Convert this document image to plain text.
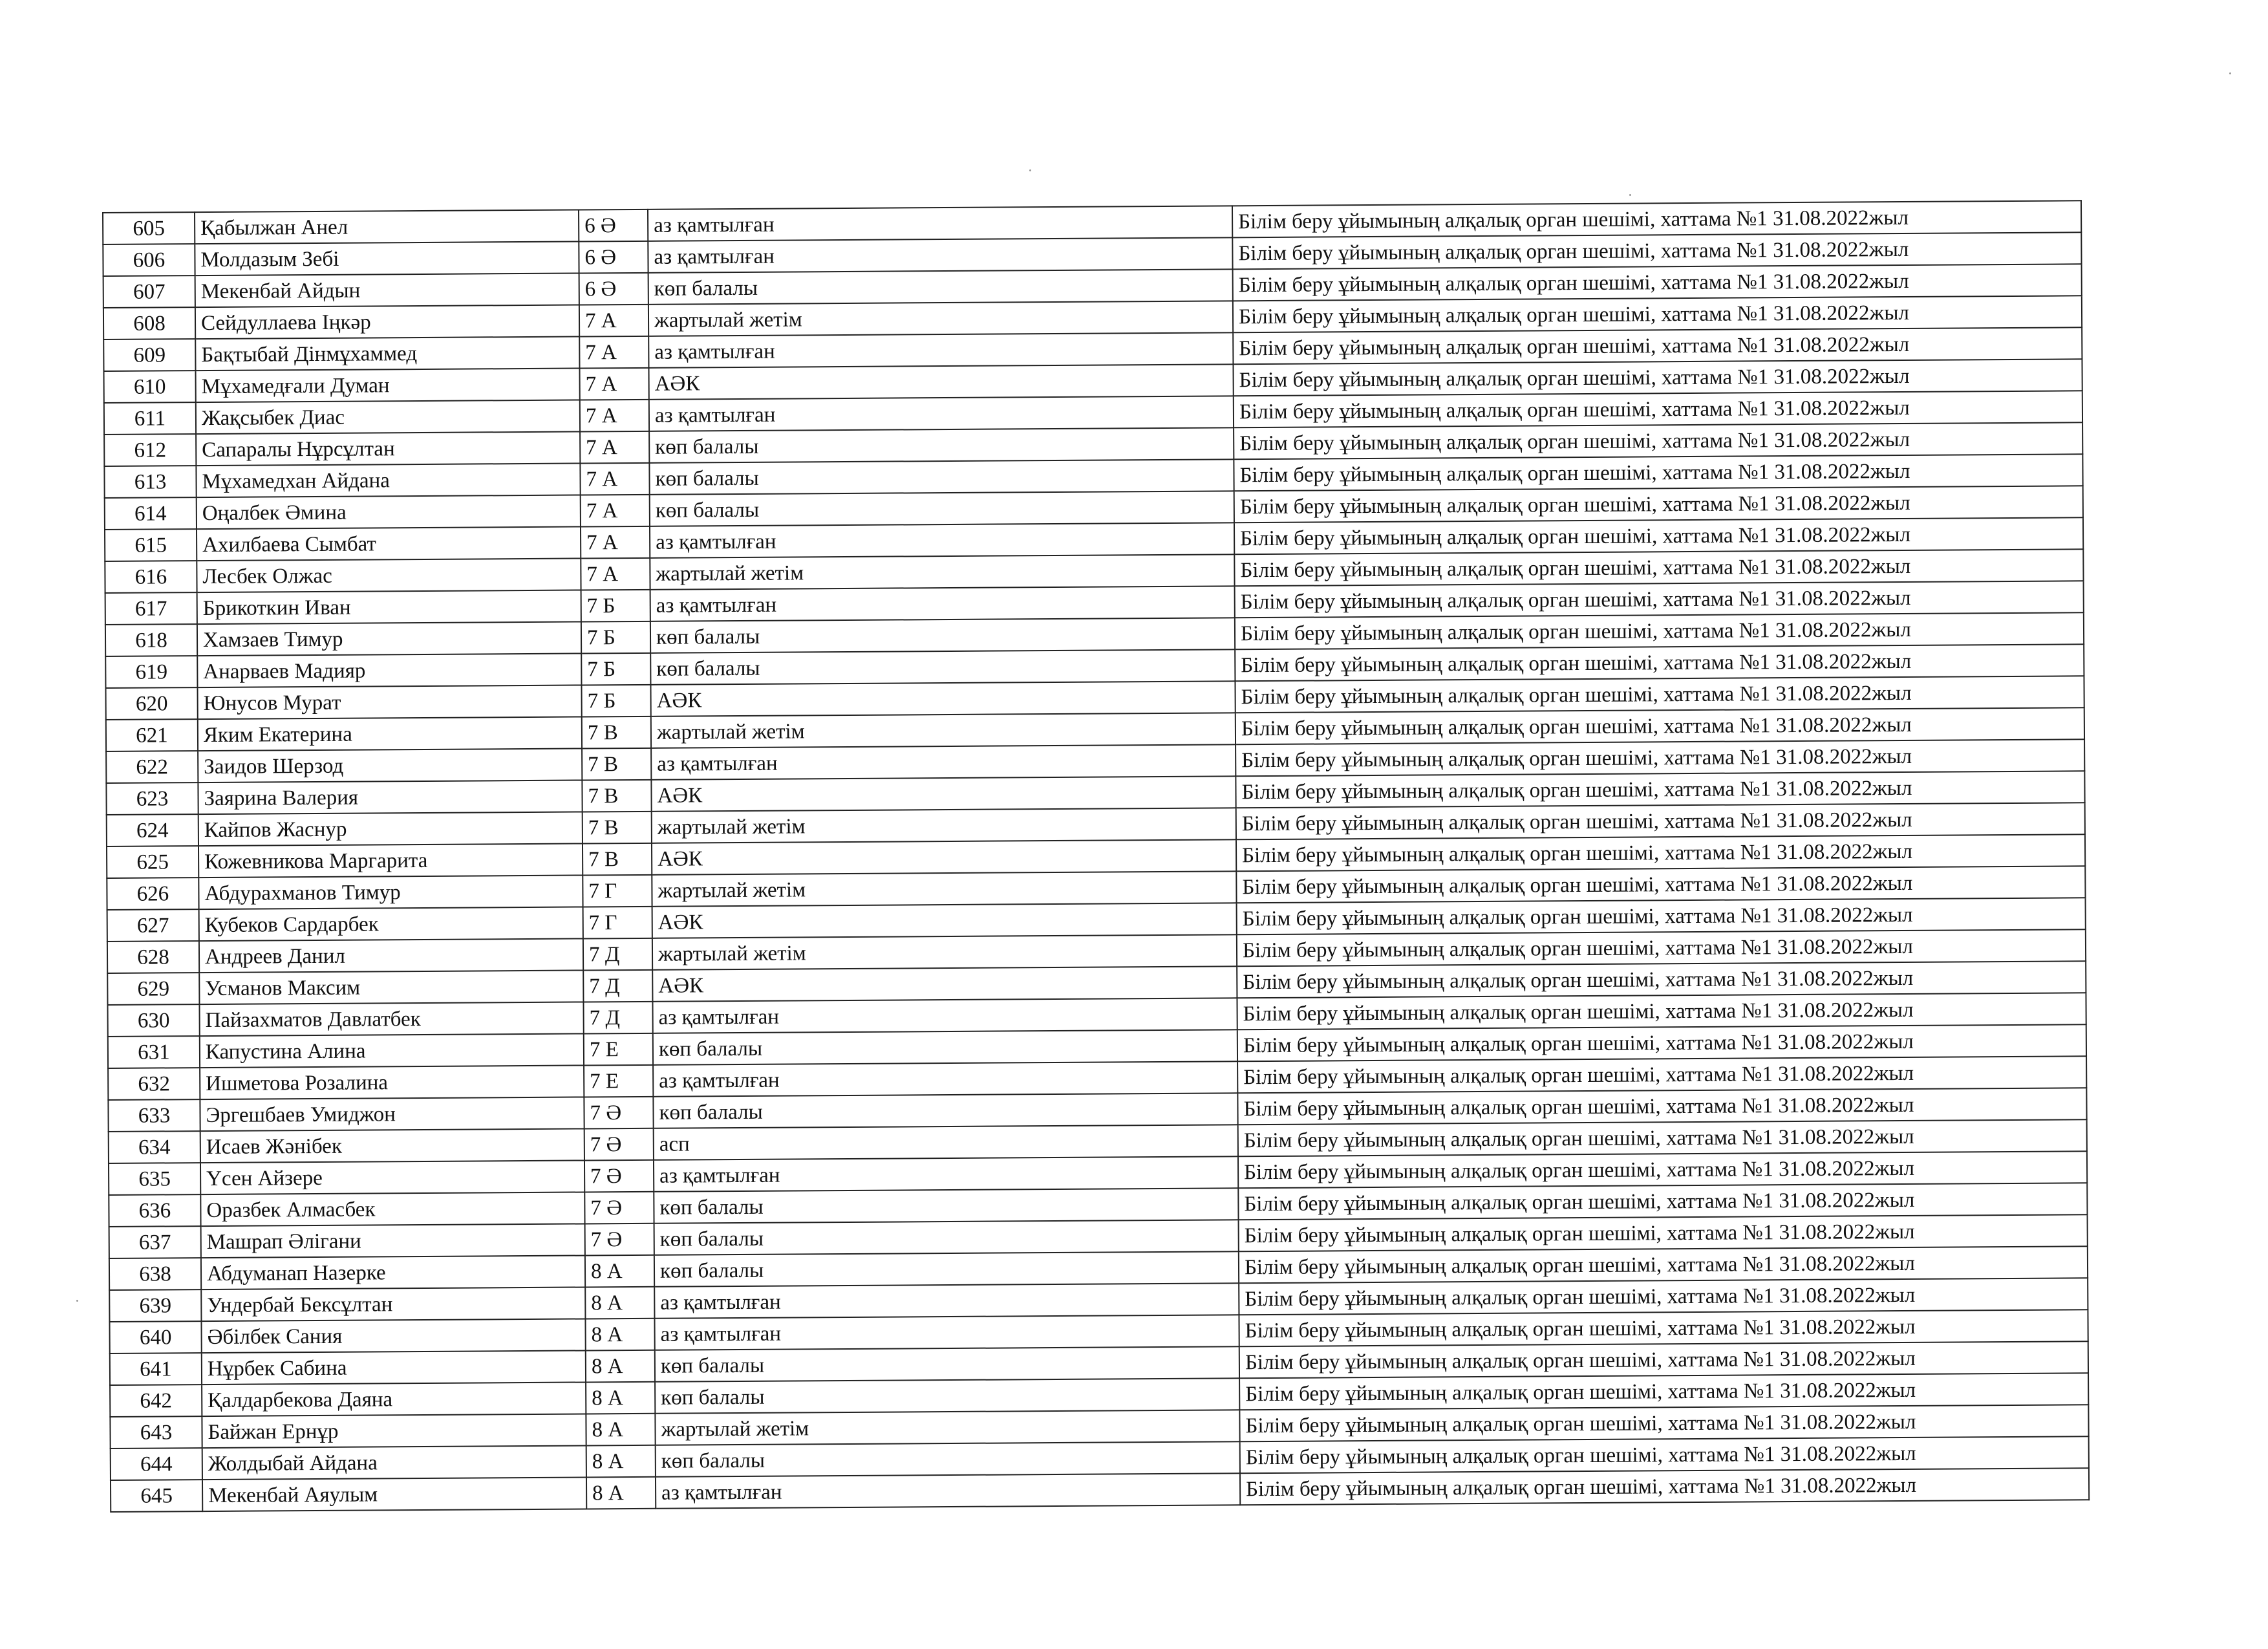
605	Қабылжан Анел	6 Ә	аз қамтылған	Білім беру ұйымының алқалық орган шешімі, хаттама №1 31.08.2022жыл
606	Молдазым Зебі	6 Ә	аз қамтылған	Білім беру ұйымының алқалық орган шешімі, хаттама №1 31.08.2022жыл
607	Мекенбай Айдын	6 Ә	көп балалы	Білім беру ұйымының алқалық орган шешімі, хаттама №1 31.08.2022жыл
608	Сейдуллаева Іңкәр	7 А	жартылай жетім	Білім беру ұйымының алқалық орган шешімі, хаттама №1 31.08.2022жыл
609	Бақтыбай Дінмұхаммед	7 А	аз қамтылған	Білім беру ұйымының алқалық орган шешімі, хаттама №1 31.08.2022жыл
610	Мұхамедғали Думан	7 А	АӘК	Білім беру ұйымының алқалық орган шешімі, хаттама №1 31.08.2022жыл
611	Жақсыбек Диас	7 А	аз қамтылған	Білім беру ұйымының алқалық орган шешімі, хаттама №1 31.08.2022жыл
612	Сапаралы Нұрсұлтан	7 А	көп балалы	Білім беру ұйымының алқалық орган шешімі, хаттама №1 31.08.2022жыл
613	Мұхамедхан Айдана	7 А	көп балалы	Білім беру ұйымының алқалық орган шешімі, хаттама №1 31.08.2022жыл
614	Оңалбек Әмина	7 А	көп балалы	Білім беру ұйымының алқалық орган шешімі, хаттама №1 31.08.2022жыл
615	Ахилбаева Сымбат	7 А	аз қамтылған	Білім беру ұйымының алқалық орган шешімі, хаттама №1 31.08.2022жыл
616	Лесбек Олжас	7 А	жартылай жетім	Білім беру ұйымының алқалық орган шешімі, хаттама №1 31.08.2022жыл
617	Брикоткин Иван	7 Б	аз қамтылған	Білім беру ұйымының алқалық орган шешімі, хаттама №1 31.08.2022жыл
618	Хамзаев Тимур	7 Б	көп балалы	Білім беру ұйымының алқалық орган шешімі, хаттама №1 31.08.2022жыл
619	Анарваев Мадияр	7 Б	көп балалы	Білім беру ұйымының алқалық орган шешімі, хаттама №1 31.08.2022жыл
620	Юнусов Мурат	7 Б	АӘК	Білім беру ұйымының алқалық орган шешімі, хаттама №1 31.08.2022жыл
621	Яким Екатерина	7 В	жартылай жетім	Білім беру ұйымының алқалық орган шешімі, хаттама №1 31.08.2022жыл
622	Заидов Шерзод	7 В	аз қамтылған	Білім беру ұйымының алқалық орган шешімі, хаттама №1 31.08.2022жыл
623	Заярина Валерия	7 В	АӘК	Білім беру ұйымының алқалық орган шешімі, хаттама №1 31.08.2022жыл
624	Кайпов Жаснур	7 В	жартылай жетім	Білім беру ұйымының алқалық орган шешімі, хаттама №1 31.08.2022жыл
625	Кожевникова Маргарита	7 В	АӘК	Білім беру ұйымының алқалық орган шешімі, хаттама №1 31.08.2022жыл
626	Абдурахманов Тимур	7 Г	жартылай жетім	Білім беру ұйымының алқалық орган шешімі, хаттама №1 31.08.2022жыл
627	Кубеков Сардарбек	7 Г	АӘК	Білім беру ұйымының алқалық орган шешімі, хаттама №1 31.08.2022жыл
628	Андреев Данил	7 Д	жартылай жетім	Білім беру ұйымының алқалық орган шешімі, хаттама №1 31.08.2022жыл
629	Усманов Максим	7 Д	АӘК	Білім беру ұйымының алқалық орган шешімі, хаттама №1 31.08.2022жыл
630	Пайзахматов Давлатбек	7 Д	аз қамтылған	Білім беру ұйымының алқалық орган шешімі, хаттама №1 31.08.2022жыл
631	Капустина Алина	7 Е	көп балалы	Білім беру ұйымының алқалық орган шешімі, хаттама №1 31.08.2022жыл
632	Ишметова Розалина	7 Е	аз қамтылған	Білім беру ұйымының алқалық орган шешімі, хаттама №1 31.08.2022жыл
633	Эргешбаев Умиджон	7 Ә	көп балалы	Білім беру ұйымының алқалық орган шешімі, хаттама №1 31.08.2022жыл
634	Исаев Жәнібек	7 Ә	асп	Білім беру ұйымының алқалық орган шешімі, хаттама №1 31.08.2022жыл
635	Үсен Айзере	7 Ә	аз қамтылған	Білім беру ұйымының алқалық орган шешімі, хаттама №1 31.08.2022жыл
636	Оразбек Алмасбек	7 Ә	көп балалы	Білім беру ұйымының алқалық орган шешімі, хаттама №1 31.08.2022жыл
637	Машрап Әлігани	7 Ә	көп балалы	Білім беру ұйымының алқалық орган шешімі, хаттама №1 31.08.2022жыл
638	Абдуманап Назерке	8 А	көп балалы	Білім беру ұйымының алқалық орган шешімі, хаттама №1 31.08.2022жыл
639	Ундербай Бексұлтан	8 А	аз қамтылған	Білім беру ұйымының алқалық орган шешімі, хаттама №1 31.08.2022жыл
640	Әбілбек Сания	8 А	аз қамтылған	Білім беру ұйымының алқалық орган шешімі, хаттама №1 31.08.2022жыл
641	Нұрбек Сабина	8 А	көп балалы	Білім беру ұйымының алқалық орган шешімі, хаттама №1 31.08.2022жыл
642	Қалдарбекова Даяна	8 А	көп балалы	Білім беру ұйымының алқалық орган шешімі, хаттама №1 31.08.2022жыл
643	Байжан Ернұр	8 А	жартылай жетім	Білім беру ұйымының алқалық орган шешімі, хаттама №1 31.08.2022жыл
644	Жолдыбай Айдана	8 А	көп балалы	Білім беру ұйымының алқалық орган шешімі, хаттама №1 31.08.2022жыл
645	Мекенбай Аяулым	8 А	аз қамтылған	Білім беру ұйымының алқалық орган шешімі, хаттама №1 31.08.2022жыл
